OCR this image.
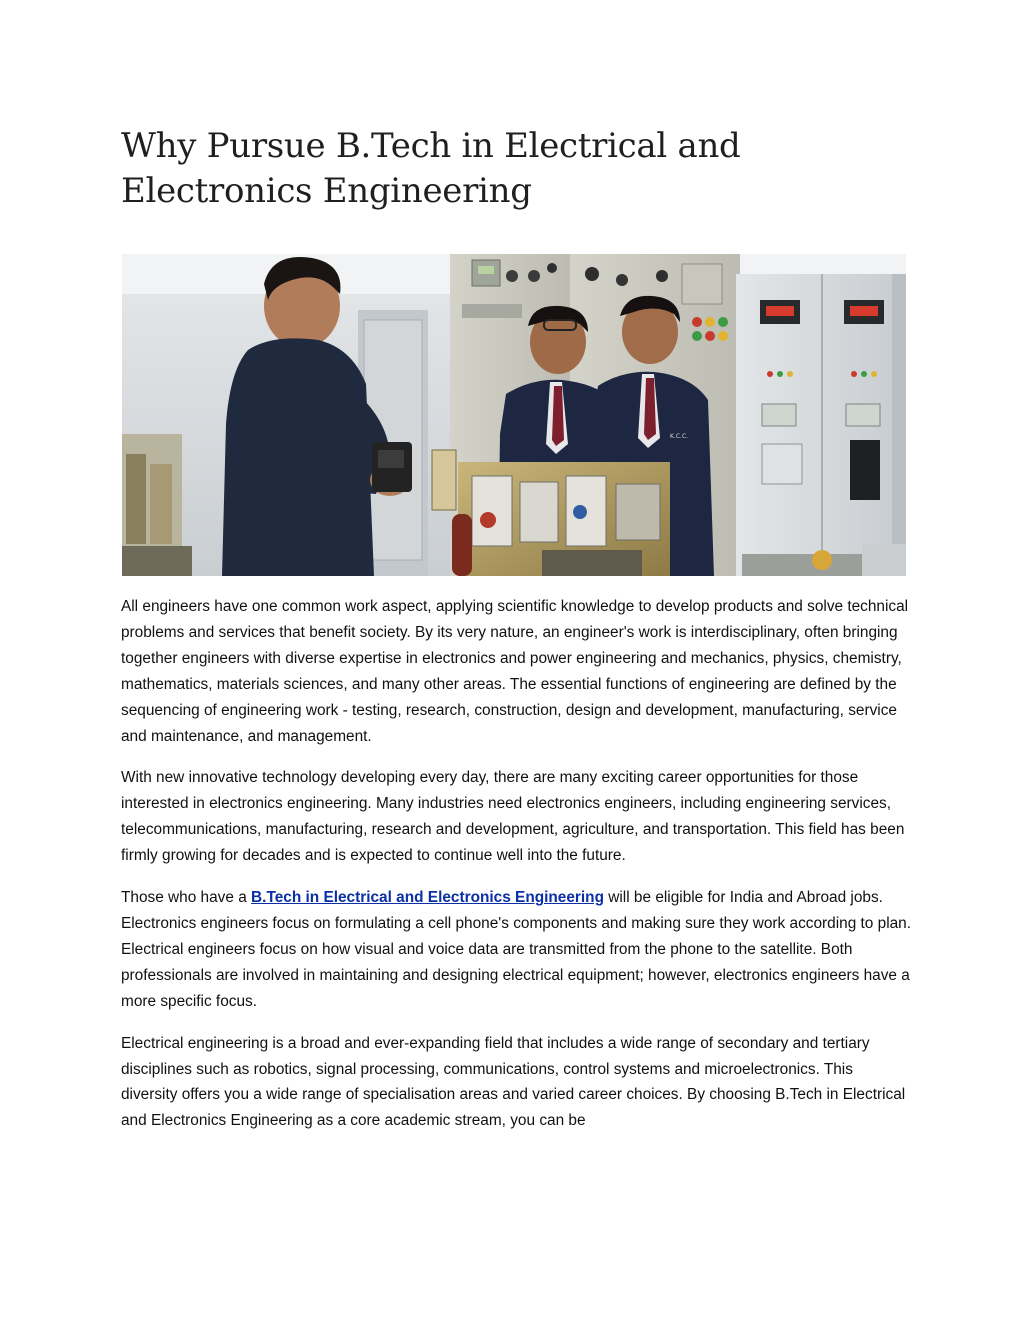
Why Pursue B.Tech in Electrical and Electronics Engineering
K.C.C.

All engineers have one common work aspect, applying scientific knowledge to develop products and solve technical problems and services that benefit society. By its very nature, an engineer's work is interdisciplinary, often bringing together engineers with diverse expertise in electronics and power engineering and mechanics, physics, chemistry, mathematics, materials sciences, and many other areas. The essential functions of engineering are defined by the sequencing of engineering work - testing, research, construction, design and development, manufacturing, service and maintenance, and management.

With new innovative technology developing every day, there are many exciting career opportunities for those interested in electronics engineering. Many industries need electronics engineers, including engineering services, telecommunications, manufacturing, research and development, agriculture, and transportation. This field has been firmly growing for decades and is expected to continue well into the future.

Those who have a B.Tech in Electrical and Electronics Engineering will be eligible for India and Abroad jobs. Electronics engineers focus on formulating a cell phone's components and making sure they work according to plan. Electrical engineers focus on how visual and voice data are transmitted from the phone to the satellite. Both professionals are involved in maintaining and designing electrical equipment; however, electronics engineers have a more specific focus.

Electrical engineering is a broad and ever-expanding field that includes a wide range of secondary and tertiary disciplines such as robotics, signal processing, communications, control systems and microelectronics. This diversity offers you a wide range of specialisation areas and varied career choices. By choosing B.Tech in Electrical and Electronics Engineering as a core academic stream, you can be
